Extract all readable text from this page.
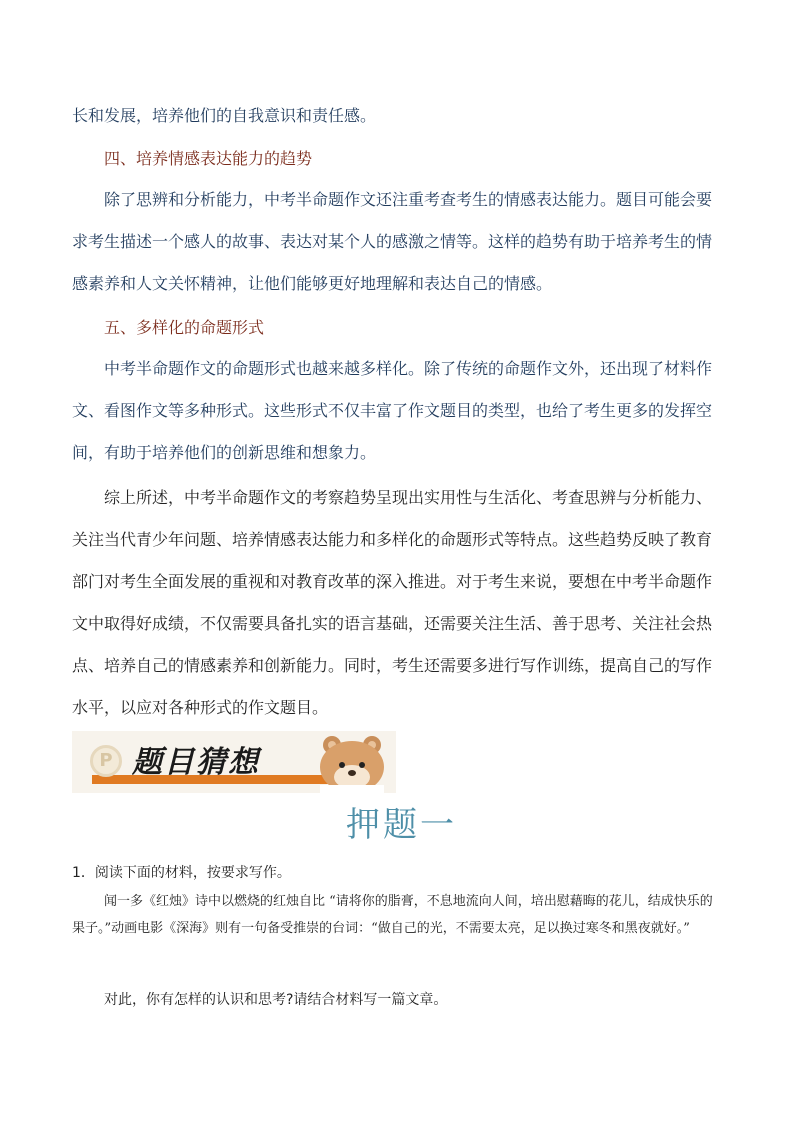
长和发展，培养他们的自我意识和责任感。

四、培养情感表达能力的趋势

除了思辨和分析能力，中考半命题作文还注重考查考生的情感表达能力。题目可能会要求考生描述一个感人的故事、表达对某个人的感激之情等。这样的趋势有助于培养考生的情感素养和人文关怀精神，让他们能够更好地理解和表达自己的情感。

五、多样化的命题形式

中考半命题作文的命题形式也越来越多样化。除了传统的命题作文外，还出现了材料作文、看图作文等多种形式。这些形式不仅丰富了作文题目的类型，也给了考生更多的发挥空间，有助于培养他们的创新思维和想象力。

综上所述，中考半命题作文的考察趋势呈现出实用性与生活化、考查思辨与分析能力、关注当代青少年问题、培养情感表达能力和多样化的命题形式等特点。这些趋势反映了教育部门对考生全面发展的重视和对教育改革的深入推进。对于考生来说，要想在中考半命题作文中取得好成绩，不仅需要具备扎实的语言基础，还需要关注生活、善于思考、关注社会热点、培养自己的情感素养和创新能力。同时，考生还需要多进行写作训练，提高自己的写作水平，以应对各种形式的作文题目。

P 题目猜想
押题一

1．阅读下面的材料，按要求写作。

闻一多《红烛》诗中以燃烧的红烛自比 “请将你的脂膏，不息地流向人间，培出慰藉晦的花儿，结成快乐的果子。”动画电影《深海》则有一句备受推崇的台词：“做自己的光，不需要太亮，足以换过寒冬和黑夜就好。”

对此，你有怎样的认识和思考?请结合材料写一篇文章。
